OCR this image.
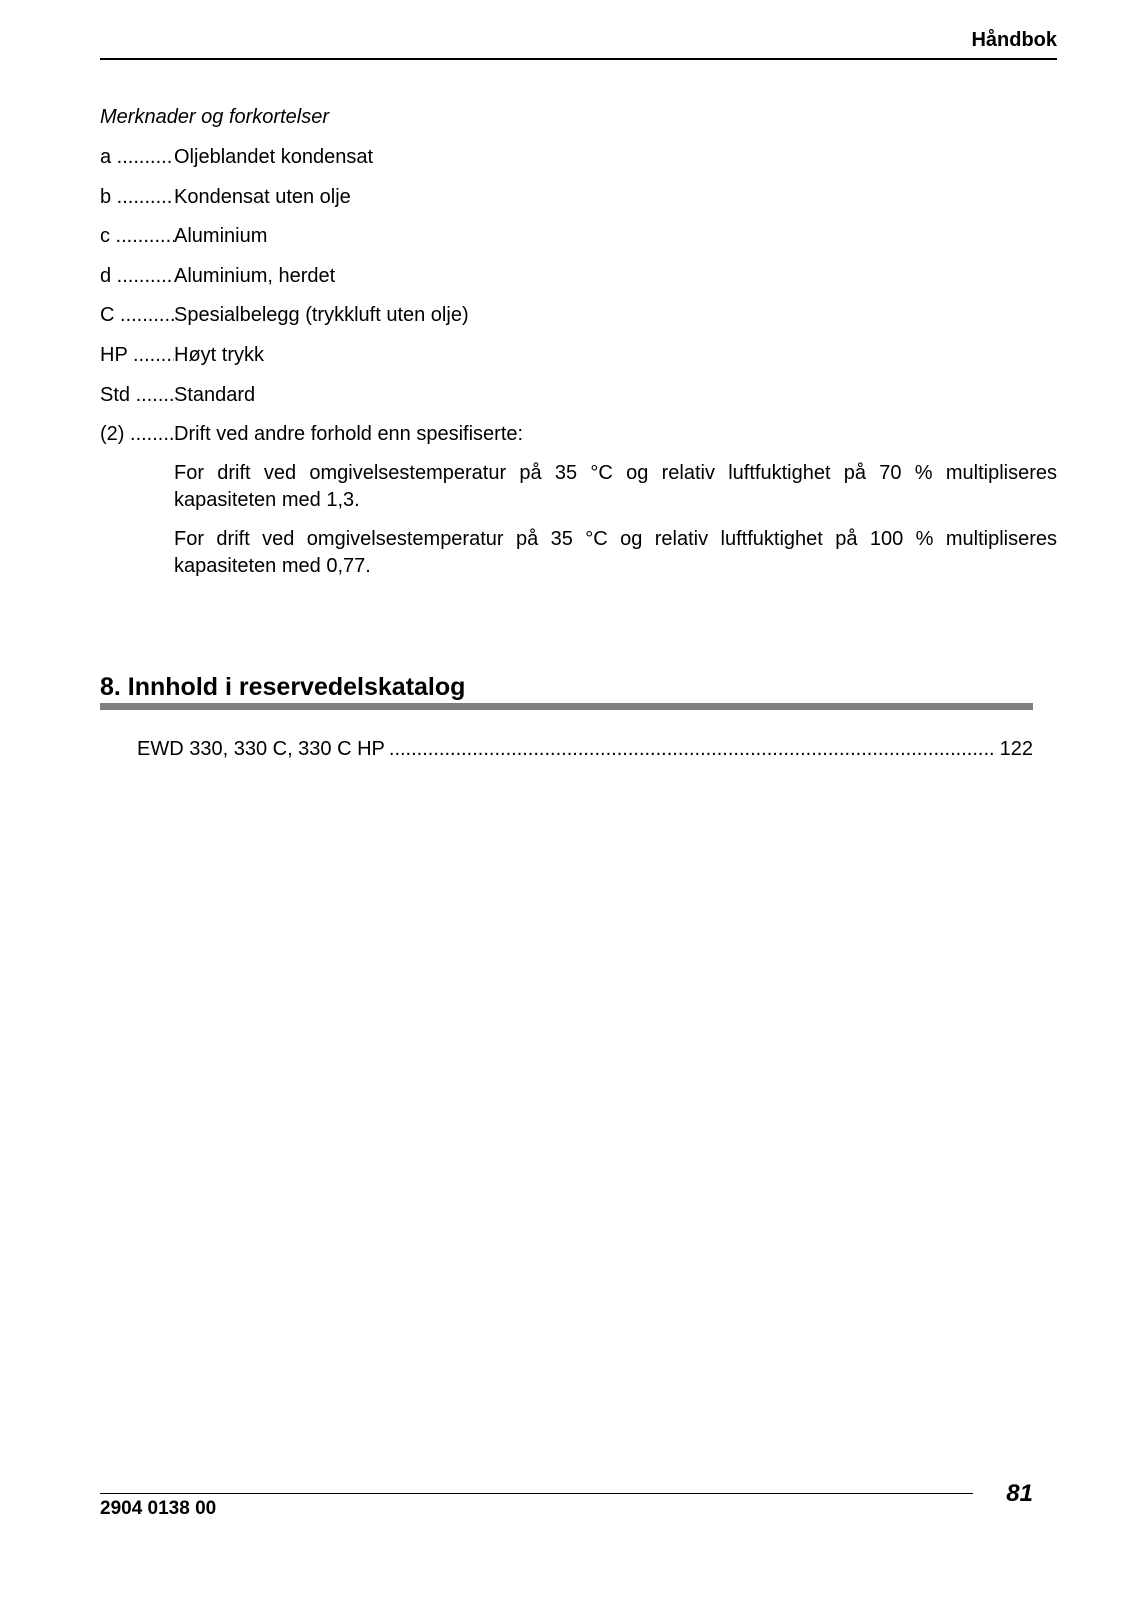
Håndbok
Merknader og forkortelser
a .....	Oljeblandet kondensat
b .....	Kondensat uten olje
c .....	Aluminium
d .....	Aluminium, herdet
C .....	Spesialbelegg (trykkluft uten olje)
HP .....	Høyt trykk
Std .....	Standard
(2) .....	Drift ved andre forhold enn spesifiserte:

For drift ved omgivelsestemperatur på 35 °C og relativ luftfuktighet på 70 % multipliseres kapasiteten med 1,3.

For drift ved omgivelsestemperatur på 35 °C og relativ luftfuktighet på 100 % multipliseres kapasiteten med 0,77.

8. Innhold i reservedelskatalog
EWD 330, 330 C, 330 C HP
.....	122
2904 0138 00
81
